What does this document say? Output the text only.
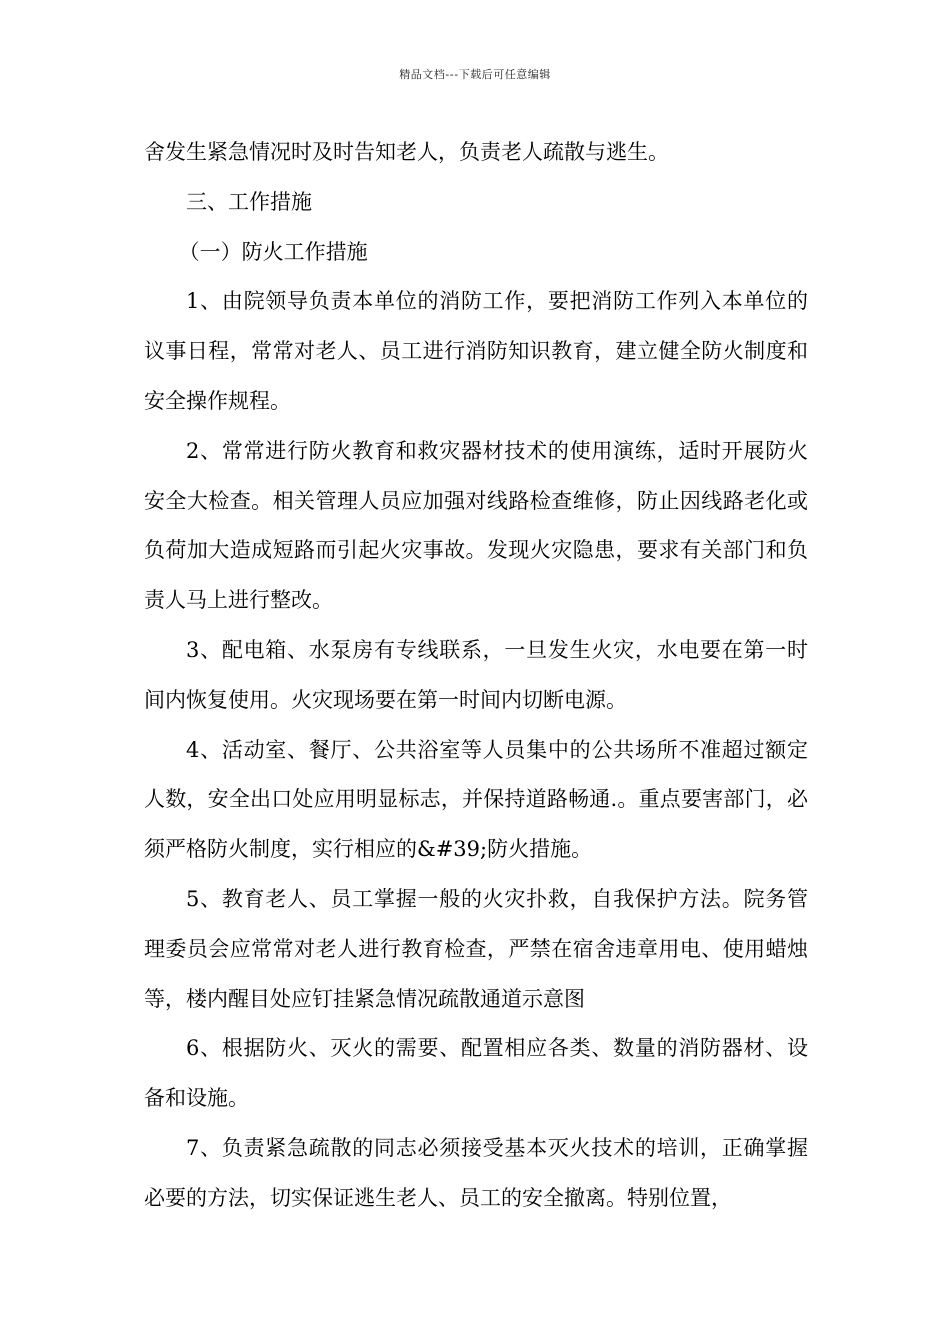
精品文档---下载后可任意编辑

舍发生紧急情况时及时告知老人，负责老人疏散与逃生。

三、工作措施

（一）防火工作措施

1、由院领导负责本单位的消防工作，要把消防工作列入本单位的议事日程，常常对老人、员工进行消防知识教育，建立健全防火制度和安全操作规程。

2、常常进行防火教育和救灾器材技术的使用演练，适时开展防火安全大检查。相关管理人员应加强对线路检查维修，防止因线路老化或负荷加大造成短路而引起火灾事故。发现火灾隐患，要求有关部门和负责人马上进行整改。

3、配电箱、水泵房有专线联系，一旦发生火灾，水电要在第一时间内恢复使用。火灾现场要在第一时间内切断电源。

4、活动室、餐厅、公共浴室等人员集中的公共场所不准超过额定人数，安全出口处应用明显标志，并保持道路畅通.。重点要害部门，必须严格防火制度，实行相应的&#39;防火措施。

5、教育老人、员工掌握一般的火灾扑救，自我保护方法。院务管理委员会应常常对老人进行教育检查，严禁在宿舍违章用电、使用蜡烛等，楼内醒目处应钉挂紧急情况疏散通道示意图

6、根据防火、灭火的需要、配置相应各类、数量的消防器材、设备和设施。

7、负责紧急疏散的同志必须接受基本灭火技术的培训，正确掌握必要的方法，切实保证逃生老人、员工的安全撤离。特别位置，
